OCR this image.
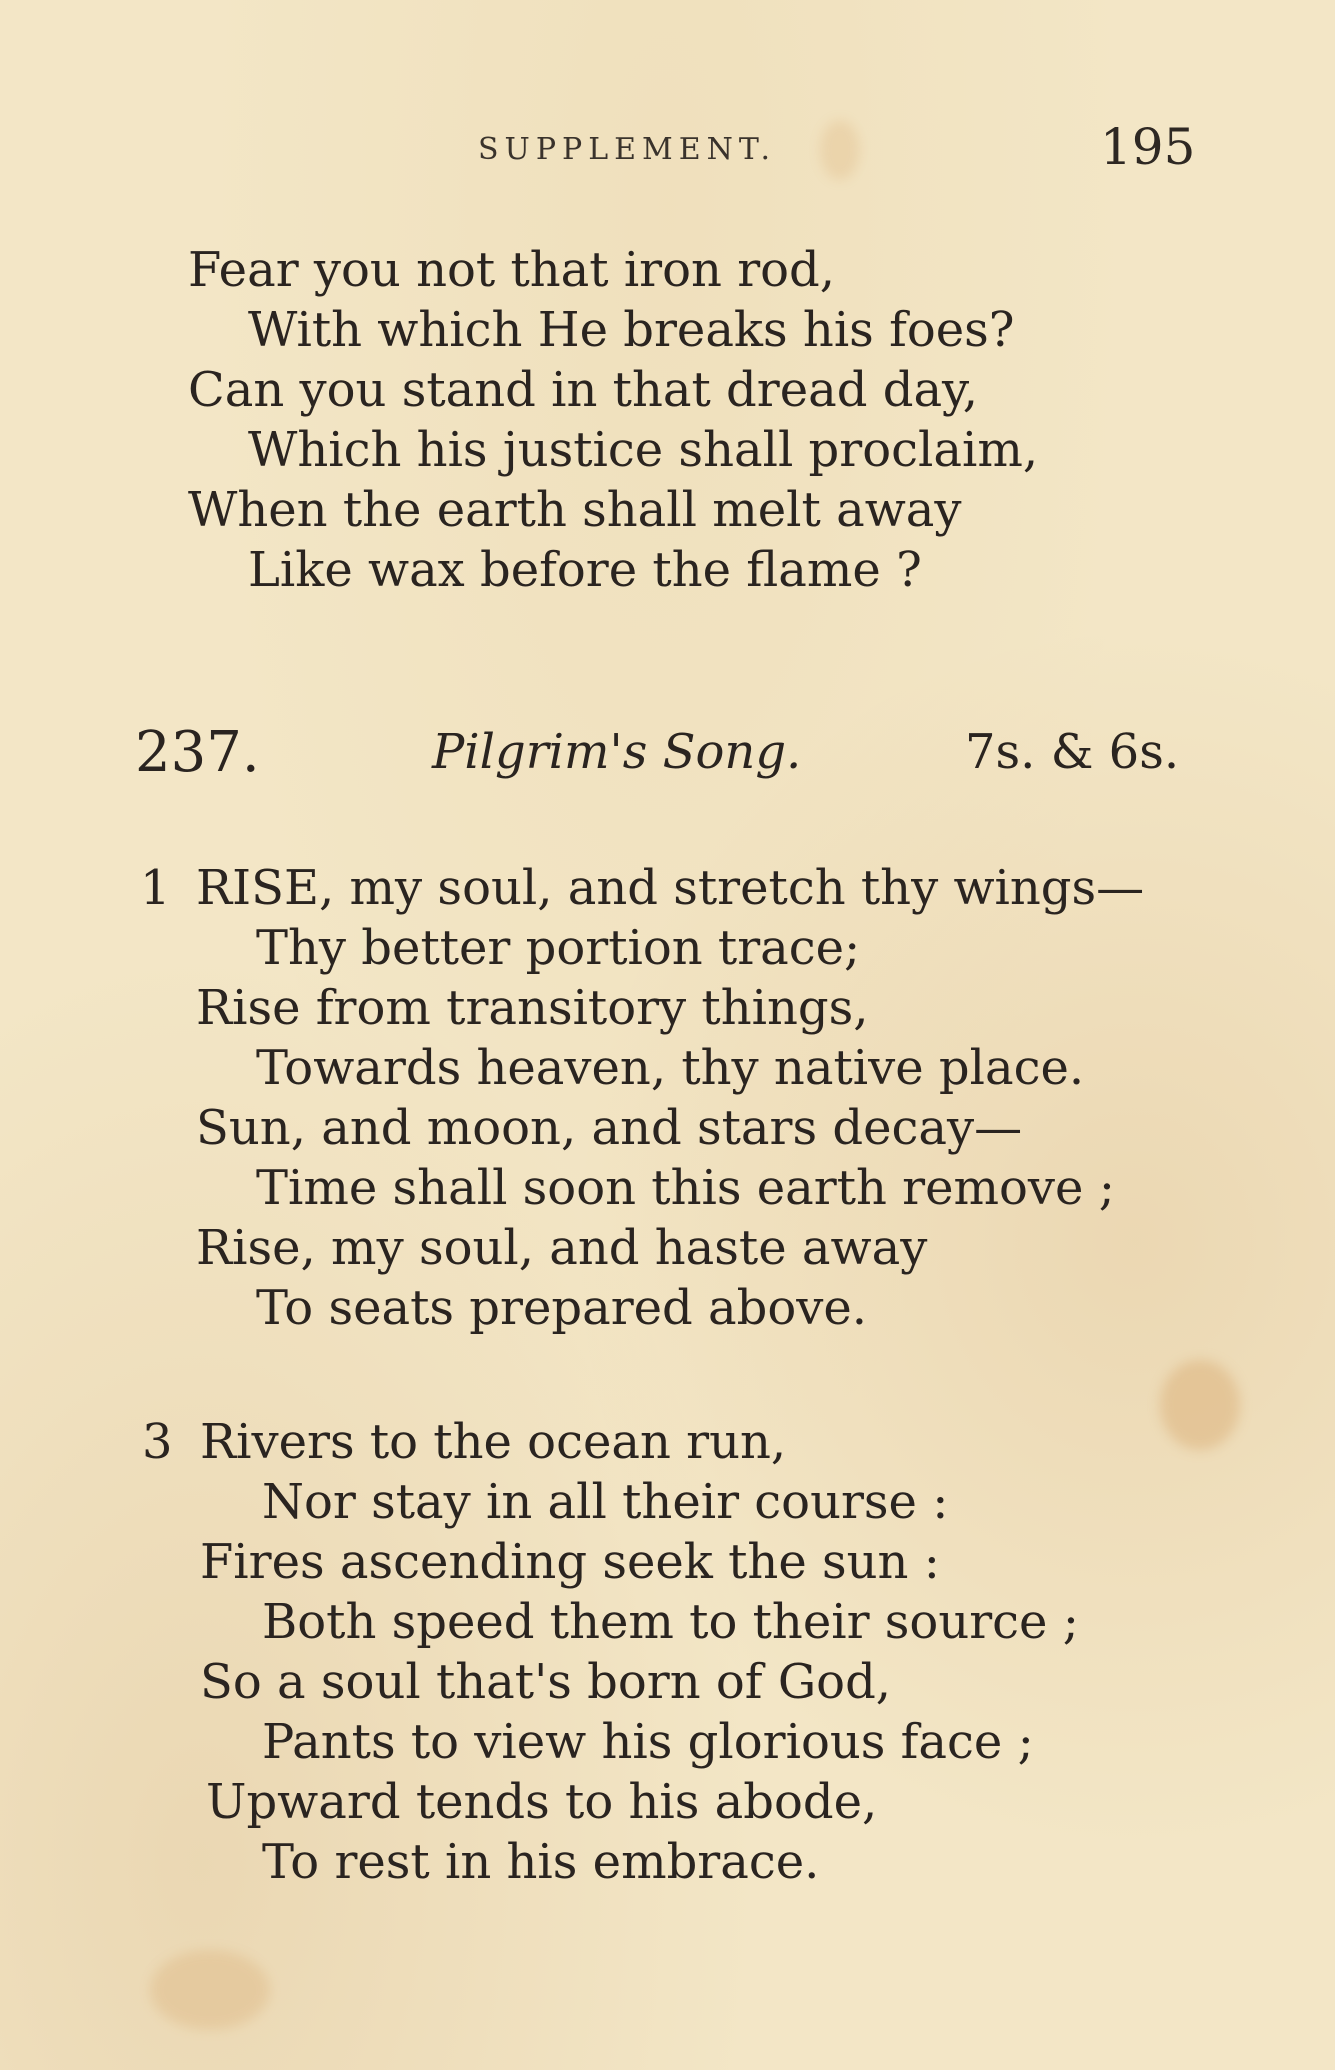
SUPPLEMENT.	195
Fear you not that iron rod,
With which He breaks his foes?
Can you stand in that dread day,
Which his justice shall proclaim,
When the earth shall melt away
Like wax before the flame ?
237.	Pilgrim's Song.	7s. & 6s.
1 RISE, my soul, and stretch thy wings—
Thy better portion trace;
Rise from transitory things,
Towards heaven, thy native place.
Sun, and moon, and stars decay—
Time shall soon this earth remove ;
Rise, my soul, and haste away
To seats prepared above.
3 Rivers to the ocean run,
Nor stay in all their course :
Fires ascending seek the sun :
Both speed them to their source ;
So a soul that's born of God,
Pants to view his glorious face ;
Upward tends to his abode,
To rest in his embrace.
